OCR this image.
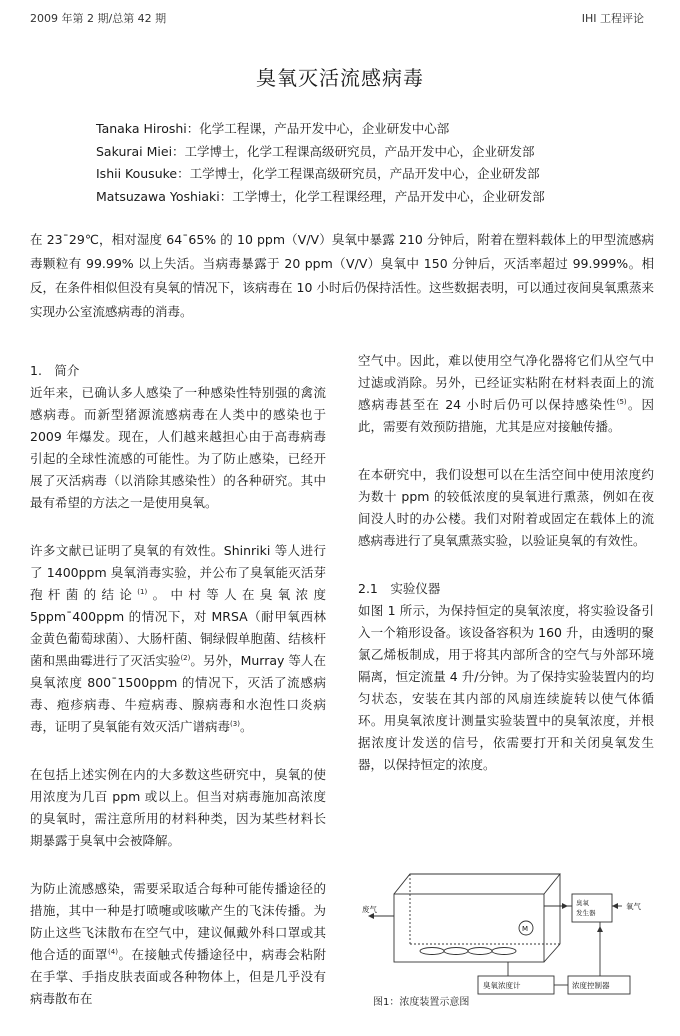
2009 年第 2 期/总第 42 期	IHI 工程评论
臭氧灭活流感病毒
Tanaka Hiroshi：化学工程课，产品开发中心，企业研发中心部
Sakurai Miei：工学博士，化学工程课高级研究员，产品开发中心，企业研发部
Ishii Kousuke：工学博士，化学工程课高级研究员，产品开发中心，企业研发部
Matsuzawa Yoshiaki：工学博士，化学工程课经理，产品开发中心，企业研发部
在 23¯29℃，相对湿度 64¯65% 的 10 ppm（V/V）臭氧中暴露 210 分钟后，附着在塑料载体上的甲型流感病毒颗粒有 99.99% 以上失活。当病毒暴露于 20 ppm（V/V）臭氧中 150 分钟后，灭活率超过 99.999%。相反，在条件相似但没有臭氧的情况下，该病毒在 10 小时后仍保持活性。这些数据表明，可以通过夜间臭氧熏蒸来实现办公室流感病毒的消毒。

1.　简介

近年来，已确认多人感染了一种感染性特别强的禽流感病毒。而新型猪源流感病毒在人类中的感染也于 2009 年爆发。现在，人们越来越担心由于高毒病毒引起的全球性流感的可能性。为了防止感染，已经开展了灭活病毒（以消除其感染性）的各种研究。其中最有希望的方法之一是使用臭氧。

许多文献已证明了臭氧的有效性。Shinriki 等人进行了 1400ppm 臭氧消毒实验，并公布了臭氧能灭活芽孢杆菌的结论$^{(1)}$。中村等人在臭氧浓度 5ppm¯400ppm 的情况下，对 MRSA（耐甲氧西林金黄色葡萄球菌）、大肠杆菌、铜绿假单胞菌、结核杆菌和黑曲霉进行了灭活实验$^{(2)}$。另外，Murray 等人在臭氧浓度 800¯1500ppm 的情况下，灭活了流感病毒、疱疹病毒、牛痘病毒、腺病毒和水泡性口炎病毒，证明了臭氧能有效灭活广谱病毒$^{(3)}$。

在包括上述实例在内的大多数这些研究中，臭氧的使用浓度为几百 ppm 或以上。但当对病毒施加高浓度的臭氧时，需注意所用的材料种类，因为某些材料长期暴露于臭氧中会被降解。

为防止流感感染，需要采取适合每种可能传播途径的措施，其中一种是打喷嚏或咳嗽产生的飞沫传播。为防止这些飞沫散布在空气中，建议佩戴外科口罩或其他合适的面罩$^{(4)}$。在接触式传播途径中，病毒会粘附在手掌、手指皮肤表面或各种物体上，但是几乎没有病毒散布在

空气中。因此，难以使用空气净化器将它们从空气中过滤或消除。另外，已经证实粘附在材料表面上的流感病毒甚至在 24 小时后仍可以保持感染性$^{(5)}$。因此，需要有效预防措施，尤其是应对接触传播。

在本研究中，我们设想可以在生活空间中使用浓度约为数十 ppm 的较低浓度的臭氧进行熏蒸，例如在夜间没人时的办公楼。我们对附着或固定在载体上的流感病毒进行了臭氧熏蒸实验，以验证臭氧的有效性。

2.1　实验仪器

如图 1 所示，为保持恒定的臭氧浓度，将实验设备引入一个箱形设备。该设备容积为 160 升，由透明的聚氯乙烯板制成，用于将其内部所含的空气与外部环境隔离，恒定流量 4 升/分钟。为了保持实验装置内的均匀状态，安装在其内部的风扇连续旋转以使气体循环。用臭氧浓度计测量实验装置中的臭氧浓度，并根据浓度计发送的信号，依需要打开和关闭臭氧发生器，以保持恒定的浓度。

废气
M
臭氧
发生器
氧气
臭氧浓度计	浓度控制器
图1：浓度装置示意图
